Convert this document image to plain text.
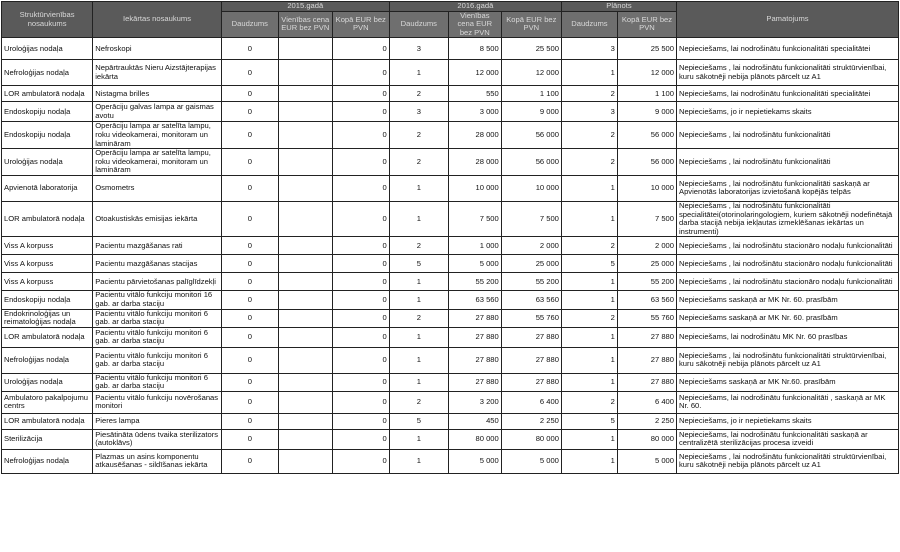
Struktūrvienības nosaukums	Iekārtas nosaukums	2015.gadā			2016.gadā			Plānots		Pamatojums
		Daudzums	Vienības cena EUR bez PVN	Kopā EUR bez PVN	Daudzums	Vienības cena EUR bez PVN	Kopā EUR bez PVN	Daudzums	Kopā EUR bez PVN	
Uroloģijas nodaļa	Nefroskopi	0		0	3	8 500	25 500	3	25 500	Nepieciešams, lai nodrošinātu funkcionalitāti specialitātei
Nefroloģijas nodaļa	Nepārtrauktās Nieru Aizstājterapijas iekārta	0		0	1	12 000	12 000	1	12 000	Nepieciešams , lai nodrošinātu funkcionalitāti struktūrvienībai, kuru sākotnēji nebija plānots pārcelt uz A1
LOR ambulatorā nodaļa	Nistagma brilles	0		0	2	550	1 100	2	1 100	Nepieciešams, lai nodrošinātu funkcionalitāti specialitātei
Endoskopiju nodaļa	Operāciju galvas lampa ar gaismas avotu	0		0	3	3 000	9 000	3	9 000	Nepieciešams, jo ir nepietiekams skaits
Endoskopiju nodaļa	Operāciju lampa ar satelīta lampu, roku videokamerai, monitoram un lamināram	0		0	2	28 000	56 000	2	56 000	Nepieciešams , lai nodrošinātu funkcionalitāti
Uroloģijas nodaļa	Operāciju lampa ar satelīta lampu, roku videokamerai, monitoram un lamināram	0		0	2	28 000	56 000	2	56 000	Nepieciešams , lai nodrošinātu funkcionalitāti
Apvienotā laboratorija	Osmometrs	0		0	1	10 000	10 000	1	10 000	Nepieciešams , lai nodrošinātu funkcionalitāti saskaņā ar Apvienotās laboratorijas izvietošanā kopējās telpās
LOR ambulatorā nodaļa	Otoakustiskās emisijas iekārta	0		0	1	7 500	7 500	1	7 500	Nepieciešams , lai nodrošinātu funkcionalitāti specialitātei(otorinolaringologiem, kuriem sākotnēji nodefinētajā darba stacijā nebija iekļautas izmeklēšanas iekārtas un instrumenti)
Viss A korpuss	Pacientu mazgāšanas rati	0		0	2	1 000	2 000	2	2 000	Nepieciešams , lai nodrošinātu stacionāro nodaļu funkcionalitāti
Viss A korpuss	Pacientu mazgāšanas stacijas	0		0	5	5 000	25 000	5	25 000	Nepieciešams , lai nodrošinātu stacionāro nodaļu funkcionalitāti
Viss A korpuss	Pacientu pārvietošanas palīglīdzekļi	0		0	1	55 200	55 200	1	55 200	Nepieciešams , lai nodrošinātu stacionāro nodaļu funkcionalitāti
Endoskopiju nodaļa	Pacientu vitālo funkciju monitori 16 gab. ar darba staciju	0		0	1	63 560	63 560	1	63 560	Nepieciešams saskaņā ar MK Nr. 60. prasībām
Endokrinoloģijas un reimatoloģijas nodaļa	Pacientu vitālo funkciju monitori 6 gab. ar darba staciju	0		0	2	27 880	55 760	2	55 760	Nepieciešams saskaņā ar MK Nr. 60. prasībām
LOR ambulatorā nodaļa	Pacientu vitālo funkciju monitori 6 gab. ar darba staciju	0		0	1	27 880	27 880	1	27 880	Nepieciešams, lai nodrošinātu MK Nr. 60 prasības
Nefroloģijas nodaļa	Pacientu vitālo funkciju monitori 6 gab. ar darba staciju	0		0	1	27 880	27 880	1	27 880	Nepieciešams , lai nodrošinātu funkcionalitāti struktūrvienībai, kuru sākotnēji nebija plānots pārcelt uz A1
Uroloģijas nodaļa	Pacientu vitālo funkciju monitori 6 gab. ar darba staciju	0		0	1	27 880	27 880	1	27 880	Nepieciešams saskaņā ar MK Nr.60. prasībām
Ambulatoro pakalpojumu centrs	Pacientu vitālo funkciju novērošanas monitori	0		0	2	3 200	6 400	2	6 400	Nepieciešams, lai nodrošinātu funkcionalitāti , saskaņā ar MK Nr. 60.
LOR ambulatorā nodaļa	Pieres lampa	0		0	5	450	2 250	5	2 250	Nepieciešams, jo ir nepietiekams skaits
Sterilizācija	Piesātināta ūdens tvaika sterilizators (autoklāvs)	0		0	1	80 000	80 000	1	80 000	Nepieciešams, lai nodrošinātu funkcionalitāti saskaņā ar centralizētā sterilizācijas procesa izveidi
Nefroloģijas nodaļa	Plazmas un asins komponentu atkausēšanas - sildīšanas iekārta	0		0	1	5 000	5 000	1	5 000	Nepieciešams , lai nodrošinātu funkcionalitāti struktūrvienībai, kuru sākotnēji nebija plānots pārcelt uz A1
